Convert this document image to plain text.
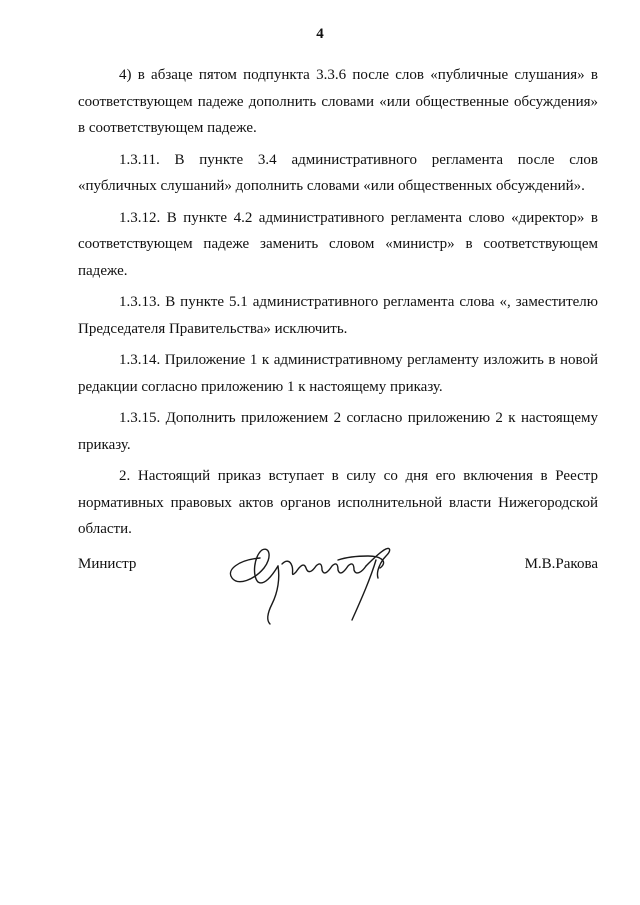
4

4) в абзаце пятом подпункта 3.3.6 после слов «публичные слушания» в соответствующем падеже дополнить словами «или общественные обсуждения» в соответствующем падеже.

1.3.11. В пункте 3.4 административного регламента после слов «публичных слушаний» дополнить словами «или общественных обсуждений».

1.3.12. В пункте 4.2 административного регламента слово «директор» в соответствующем падеже заменить словом «министр» в соответствующем падеже.

1.3.13. В пункте 5.1 административного регламента слова «, заместителю Председателя Правительства» исключить.

1.3.14. Приложение 1 к административному регламенту изложить в новой редакции согласно приложению 1 к настоящему приказу.

1.3.15. Дополнить приложением 2 согласно приложению 2 к настоящему приказу.

2. Настоящий приказ вступает в силу со дня его включения в Реестр нормативных правовых актов органов исполнительной власти Нижегородской области.

Министр	М.В.Ракова
